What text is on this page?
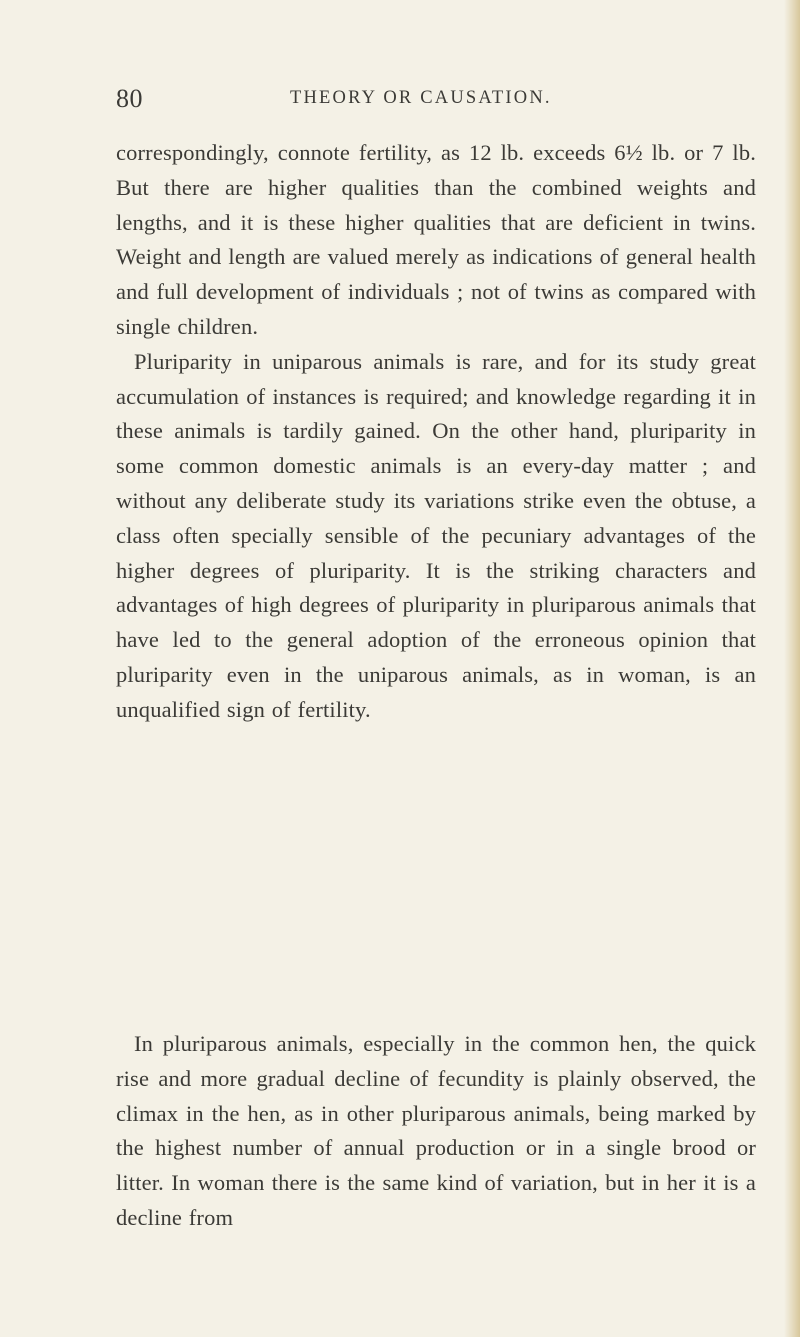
80	THEORY OR CAUSATION.

correspondingly, connote fertility, as 12 lb. exceeds 6½ lb. or 7 lb. But there are higher qualities than the combined weights and lengths, and it is these higher qualities that are deficient in twins. Weight and length are valued merely as indications of general health and full development of individuals ; not of twins as compared with single children.

Pluriparity in uniparous animals is rare, and for its study great accumulation of instances is required; and knowledge regarding it in these animals is tardily gained. On the other hand, pluriparity in some common domestic animals is an every-day matter ; and without any deliberate study its variations strike even the obtuse, a class often specially sensible of the pecuniary advantages of the higher degrees of pluriparity. It is the striking characters and advantages of high degrees of pluriparity in pluriparous animals that have led to the general adoption of the erroneous opinion that pluriparity even in the uniparous animals, as in woman, is an unqualified sign of fertility.

In pluriparous animals, especially in the common hen, the quick rise and more gradual decline of fecundity is plainly observed, the climax in the hen, as in other pluriparous animals, being marked by the highest number of annual production or in a single brood or litter. In woman there is the same kind of variation, but in her it is a decline from
